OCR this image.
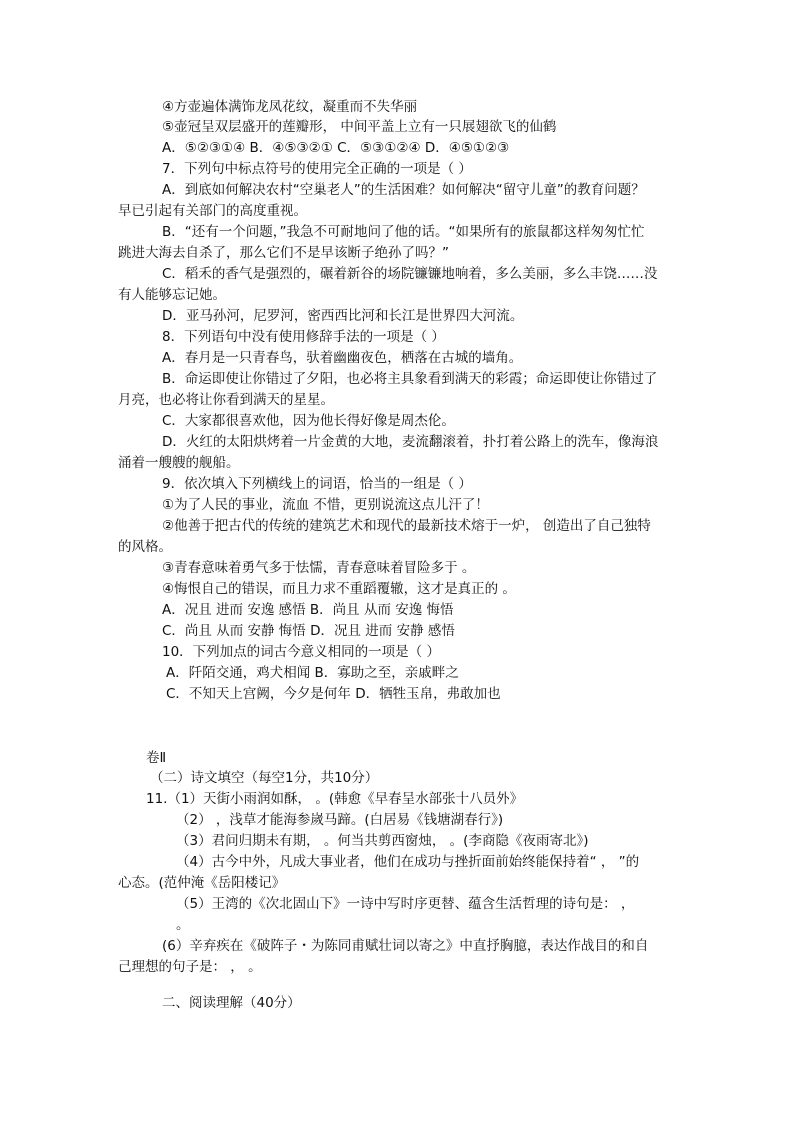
④方壶遍体满饰龙凤花纹，凝重而不失华丽
⑤壶冠呈双层盛开的莲瓣形， 中间平盖上立有一只展翅欲飞的仙鹤
A．⑤②③①④ B．④⑤③②① C．⑤③①②④ D．④⑤①②③
7．下列句中标点符号的使用完全正确的一项是（ ）
A．到底如何解决农村“空巢老人”的生活困难？如何解决“留守儿童”的教育问题？
早已引起有关部门的高度重视。
B．“还有一个问题，”我急不可耐地问了他的话。“如果所有的旅鼠都这样匆匆忙忙
跳进大海去自杀了，那么它们不是早该断子绝孙了吗？”
C．稻禾的香气是强烈的，碾着新谷的场院镰镰地响着，多么美丽，多么丰饶……没
有人能够忘记她。
D．亚马孙河，尼罗河，密西西比河和长江是世界四大河流。
8．下列语句中没有使用修辞手法的一项是（ ）
A．春月是一只青春鸟，驮着幽幽夜色，栖落在古城的墙角。
B．命运即使让你错过了夕阳，也必将主具象看到满天的彩霞；命运即使让你错过了
月亮，也必将让你看到满天的星星。
C．大家都很喜欢他，因为他长得好像是周杰伦。
D．火红的太阳烘烤着一片金黄的大地，麦流翻滚着，扑打着公路上的洗车，像海浪
涌着一艘艘的舰船。
9．依次填入下列横线上的词语，恰当的一组是（ ）
①为了人民的事业，流血 不惜，更别说流这点儿汗了！
②他善于把古代的传统的建筑艺术和现代的最新技术熔于一炉， 创造出了自己独特
的风格。
③青春意味着勇气多于怯懦，青春意味着冒险多于 。
④悔恨自己的错误，而且力求不重蹈覆辙，这才是真正的 。
A．况且 进而 安逸 感悟 B．尚且 从而 安逸 悔悟
C．尚且 从而 安静 悔悟 D．况且 进而 安静 感悟
10．下列加点的词古今意义相同的一项是（ ）
A．阡陌交通，鸡犬相闻 B．寡助之至，亲戚畔之
C．不知天上宫阙，今夕是何年 D．牺牲玉帛，弗敢加也
卷Ⅱ
（二）诗文填空（每空1分，共10分）
11.（1）天街小雨润如酥， 。(韩愈《早春呈水部张十八员外》
（2） ，浅草才能海参嵗马蹄。(白居易《钱塘湖春行》)
（3）君问归期未有期， 。何当共剪西窗烛， 。(李商隐《夜雨寄北》)
（4）古今中外，凡成大事业者，他们在成功与挫折面前始终能保持着“ ， ”的
心态。(范仲淹《岳阳楼记》
（5）王湾的《次北固山下》一诗中写时序更替、蕴含生活哲理的诗句是： ，
。
(6）辛弃疾在《破阵子・为陈同甫赋壮词以寄之》中直抒胸臆，表达作战目的和自
己理想的句子是： ， 。
二、阅读理解（40分）
